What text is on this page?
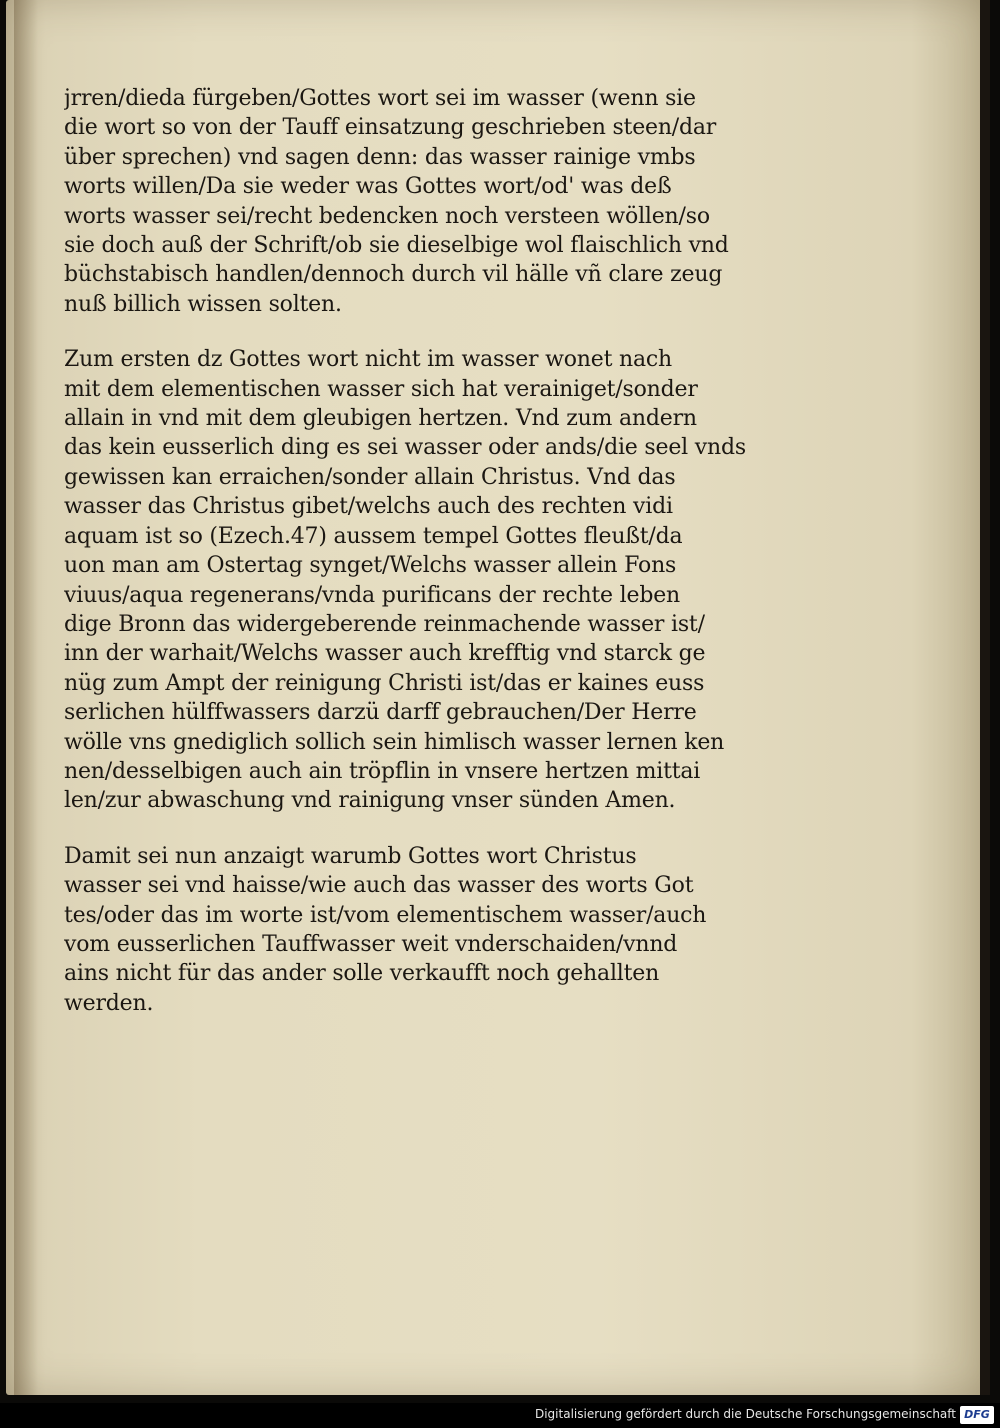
jrren/dieda fürgeben/Gottes wort sei im wasser (wenn sie
die wort so von der Tauff einsatzung geschrieben steen/dar
über sprechen) vnd sagen denn: das wasser rainige vmbs
worts willen/Da sie weder was Gottes wort/od' was deß
worts wasser sei/recht bedencken noch versteen wöllen/so
sie doch auß der Schrift/ob sie dieselbige wol flaischlich vnd
büchstabisch handlen/dennoch durch vil hälle vñ clare zeug
nuß billich wissen solten.
Zum ersten dz Gottes wort nicht im wasser wonet nach
mit dem elementischen wasser sich hat verainiget/sonder
allain in vnd mit dem gleubigen hertzen. Vnd zum andern
das kein eusserlich ding es sei wasser oder ands/die seel vnds
gewissen kan erraichen/sonder allain Christus. Vnd das
wasser das Christus gibet/welchs auch des rechten vidi
aquam ist so (Ezech.47) aussem tempel Gottes fleußt/da
uon man am Ostertag synget/Welchs wasser allein Fons
viuus/aqua regenerans/vnda purificans der rechte leben
dige Bronn das widergeberende reinmachende wasser ist/
inn der warhait/Welchs wasser auch krefftig vnd starck ge
nüg zum Ampt der reinigung Christi ist/das er kaines euss
serlichen hülffwassers darzü darff gebrauchen/Der Herre
wölle vns gnediglich sollich sein himlisch wasser lernen ken
nen/desselbigen auch ain tröpflin in vnsere hertzen mittai
len/zur abwaschung vnd rainigung vnser sünden Amen.
Damit sei nun anzaigt warumb Gottes wort Christus
wasser sei vnd haisse/wie auch das wasser des worts Got
tes/oder das im worte ist/vom elementischem wasser/auch
vom eusserlichen Tauffwasser weit vnderschaiden/vnnd
ains nicht für das ander solle verkaufft noch gehallten
werden.
Digitalisierung gefördert durch die Deutsche Forschungsgemeinschaft DFG
